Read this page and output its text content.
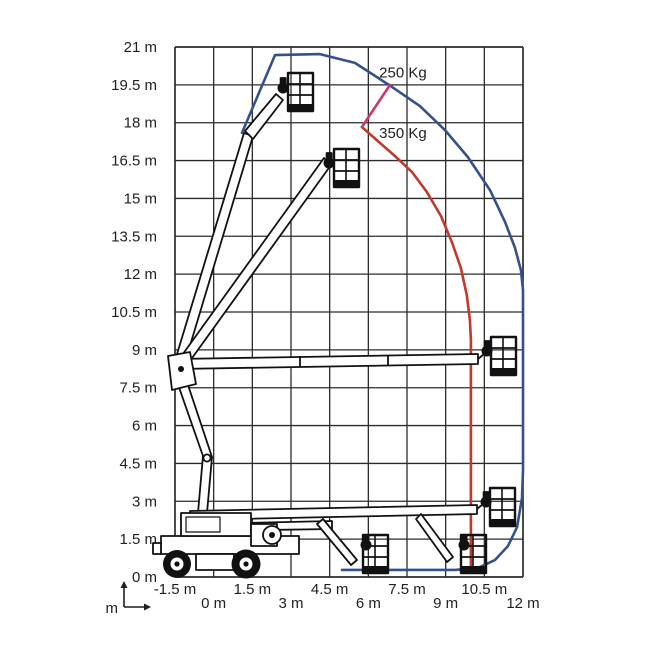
21 m
19.5 m
18 m
16.5 m
15 m
13.5 m
12 m
10.5 m
9 m
7.5 m
6 m
4.5 m
3 m
1.5 m
0 m
-1.5 m
0 m
1.5 m
3 m
4.5 m
6 m
7.5 m
9 m
10.5 m
12 m
250 Kg
350 Kg
m
